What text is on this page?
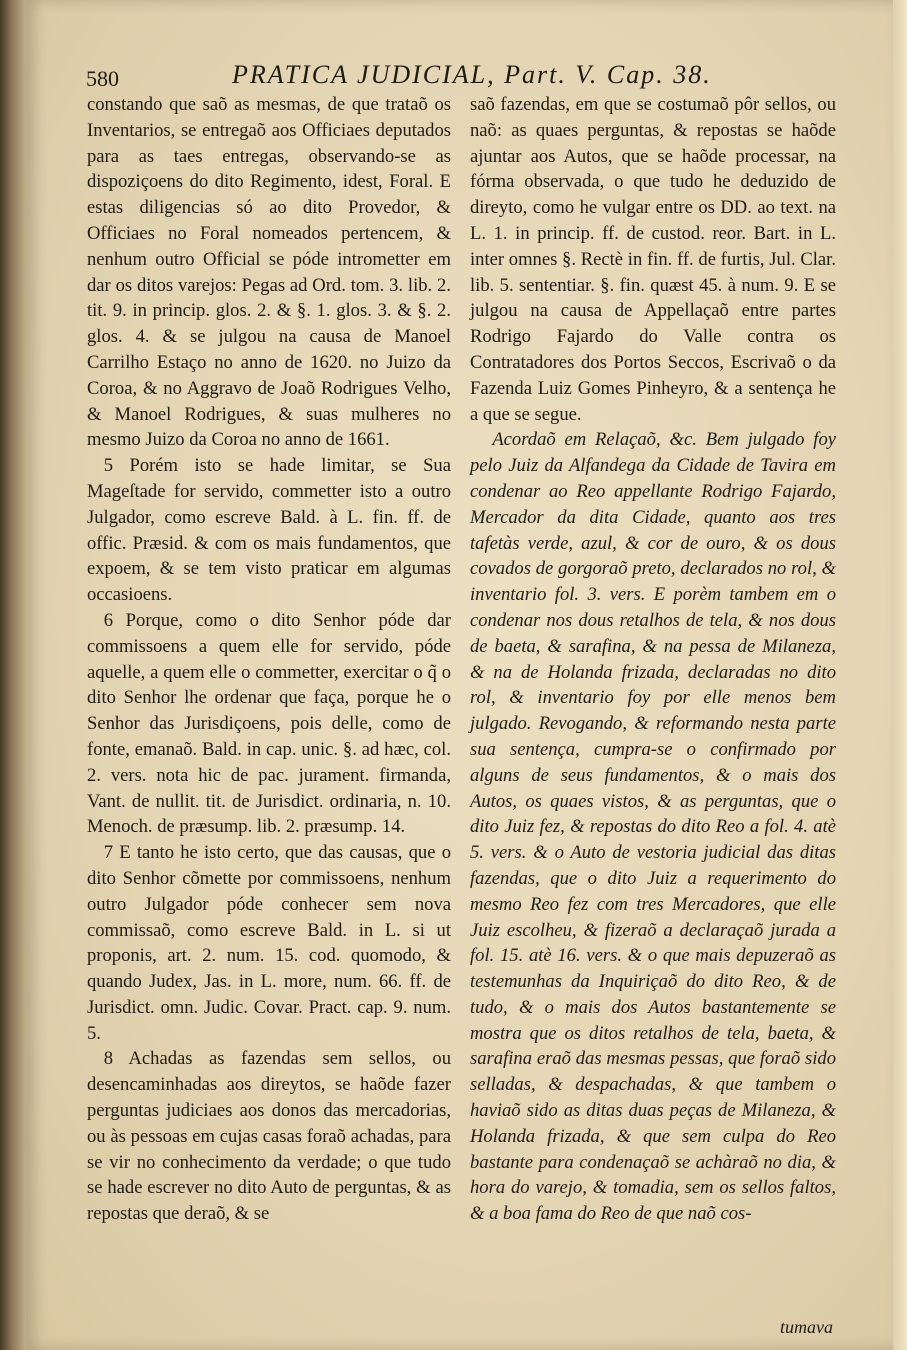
580	PRATICA JUDICIAL, Part. V. Cap. 38.

constando que saõ as mesmas, de que trataõ os Inventarios, se entregaõ aos Officiaes deputados para as taes entregas, observando-se as dispoziçoens do dito Regimento, idest, Foral. E estas diligencias só ao dito Provedor, & Officiaes no Foral nomeados pertencem, & nenhum outro Official se póde intrometter em dar os ditos varejos: Pegas ad Ord. tom. 3. lib. 2. tit. 9. in princip. glos. 2. & §. 1. glos. 3. & §. 2. glos. 4. & se julgou na causa de Manoel Carrilho Estaço no anno de 1620. no Juizo da Coroa, & no Aggravo de Joaõ Rodrigues Velho, & Manoel Rodrigues, & suas mulheres no mesmo Juizo da Coroa no anno de 1661.

5 Porém isto se hade limitar, se Sua Mageſtade for servido, commetter isto a outro Julgador, como escreve Bald. à L. fin. ff. de offic. Præsid. & com os mais fundamentos, que expoem, & se tem visto praticar em algumas occasioens.

6 Porque, como o dito Senhor póde dar commissoens a quem elle for servido, póde aquelle, a quem elle o commetter, exercitar o q̃ o dito Senhor lhe ordenar que faça, porque he o Senhor das Jurisdiçoens, pois delle, como de fonte, emanaõ. Bald. in cap. unic. §. ad hæc, col. 2. vers. nota hic de pac. jurament. firmanda, Vant. de nullit. tit. de Jurisdict. ordinaria, n. 10. Menoch. de præsump. lib. 2. præsump. 14.

7 E tanto he isto certo, que das causas, que o dito Senhor cõmette por commissoens, nenhum outro Julgador póde conhecer sem nova commissaõ, como escreve Bald. in L. si ut proponis, art. 2. num. 15. cod. quomodo, & quando Judex, Jas. in L. more, num. 66. ff. de Jurisdict. omn. Judic. Covar. Pract. cap. 9. num. 5.

8 Achadas as fazendas sem sellos, ou desencaminhadas aos direytos, se haõde fazer perguntas judiciaes aos donos das mercadorias, ou às pessoas em cujas casas foraõ achadas, para se vir no conhecimento da verdade; o que tudo se hade escrever no dito Auto de perguntas, & as repostas que deraõ, & se

saõ fazendas, em que se costumaõ pôr sellos, ou naõ: as quaes perguntas, & repostas se haõde ajuntar aos Autos, que se haõde processar, na fórma observada, o que tudo he deduzido de direyto, como he vulgar entre os DD. ao text. na L. 1. in princip. ff. de custod. reor. Bart. in L. inter omnes §. Rectè in fin. ff. de furtis, Jul. Clar. lib. 5. sententiar. §. fin. quæst 45. à num. 9. E se julgou na causa de Appellaçaõ entre partes Rodrigo Fajardo do Valle contra os Contratadores dos Portos Seccos, Escrivaõ o da Fazenda Luiz Gomes Pinheyro, & a sentença he a que se segue.

Acordaõ em Relaçaõ, &c. Bem julgado foy pelo Juiz da Alfandega da Cidade de Tavira em condenar ao Reo appellante Rodrigo Fajardo, Mercador da dita Cidade, quanto aos tres tafetàs verde, azul, & cor de ouro, & os dous covados de gorgoraõ preto, declarados no rol, & inventario fol. 3. vers. E porèm tambem em o condenar nos dous retalhos de tela, & nos dous de baeta, & sarafina, & na pessa de Milaneza, & na de Holanda frizada, declaradas no dito rol, & inventario foy por elle menos bem julgado. Revogando, & reformando nesta parte sua sentença, cumpra-se o confirmado por alguns de seus fundamentos, & o mais dos Autos, os quaes vistos, & as perguntas, que o dito Juiz fez, & repostas do dito Reo a fol. 4. atè 5. vers. & o Auto de vestoria judicial das ditas fazendas, que o dito Juiz a requerimento do mesmo Reo fez com tres Mercadores, que elle Juiz escolheu, & fizeraõ a declaraçaõ jurada a fol. 15. atè 16. vers. & o que mais depuzeraõ as testemunhas da Inquiriçaõ do dito Reo, & de tudo, & o mais dos Autos bastantemente se mostra que os ditos retalhos de tela, baeta, & sarafina eraõ das mesmas pessas, que foraõ sido selladas, & despachadas, & que tambem o haviaõ sido as ditas duas peças de Milaneza, & Holanda frizada, & que sem culpa do Reo bastante para condenaçaõ se achàraõ no dia, & hora do varejo, & tomadia, sem os sellos faltos, & a boa fama do Reo de que naõ cos-

tumava
